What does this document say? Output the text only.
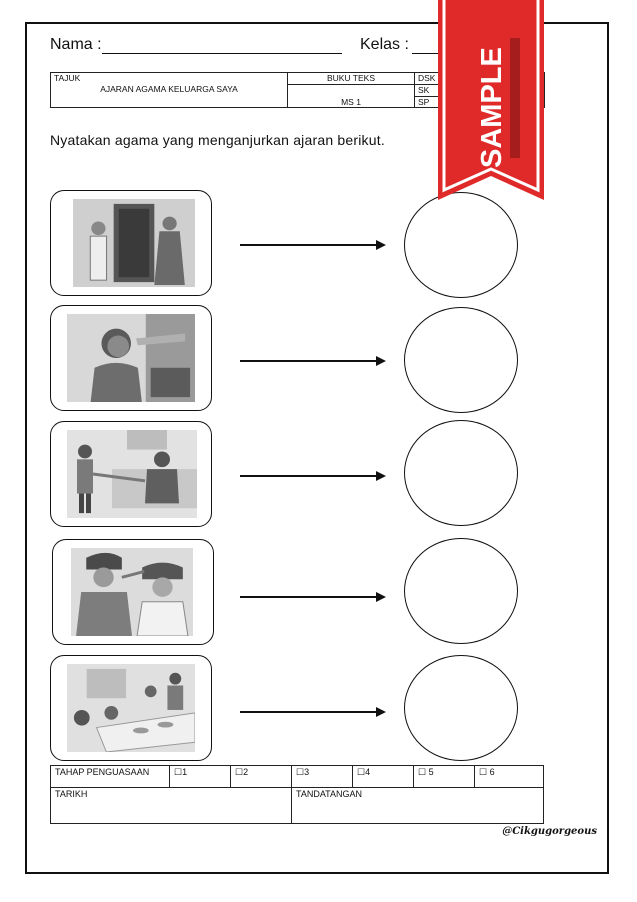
Nama :	Kelas :
TAJUK
AJARAN AGAMA KELUARGA SAYA	BUKU TEKS	DSK
	MS 1	SK
		SP
Nyatakan agama yang menganjurkan ajaran berikut.
TAHAP PENGUASAAN	☐1	☐2	☐3	☐4	☐ 5	☐ 6
TARIKH			TANDATANGAN			
@Cikgugorgeous
SAMPLE
